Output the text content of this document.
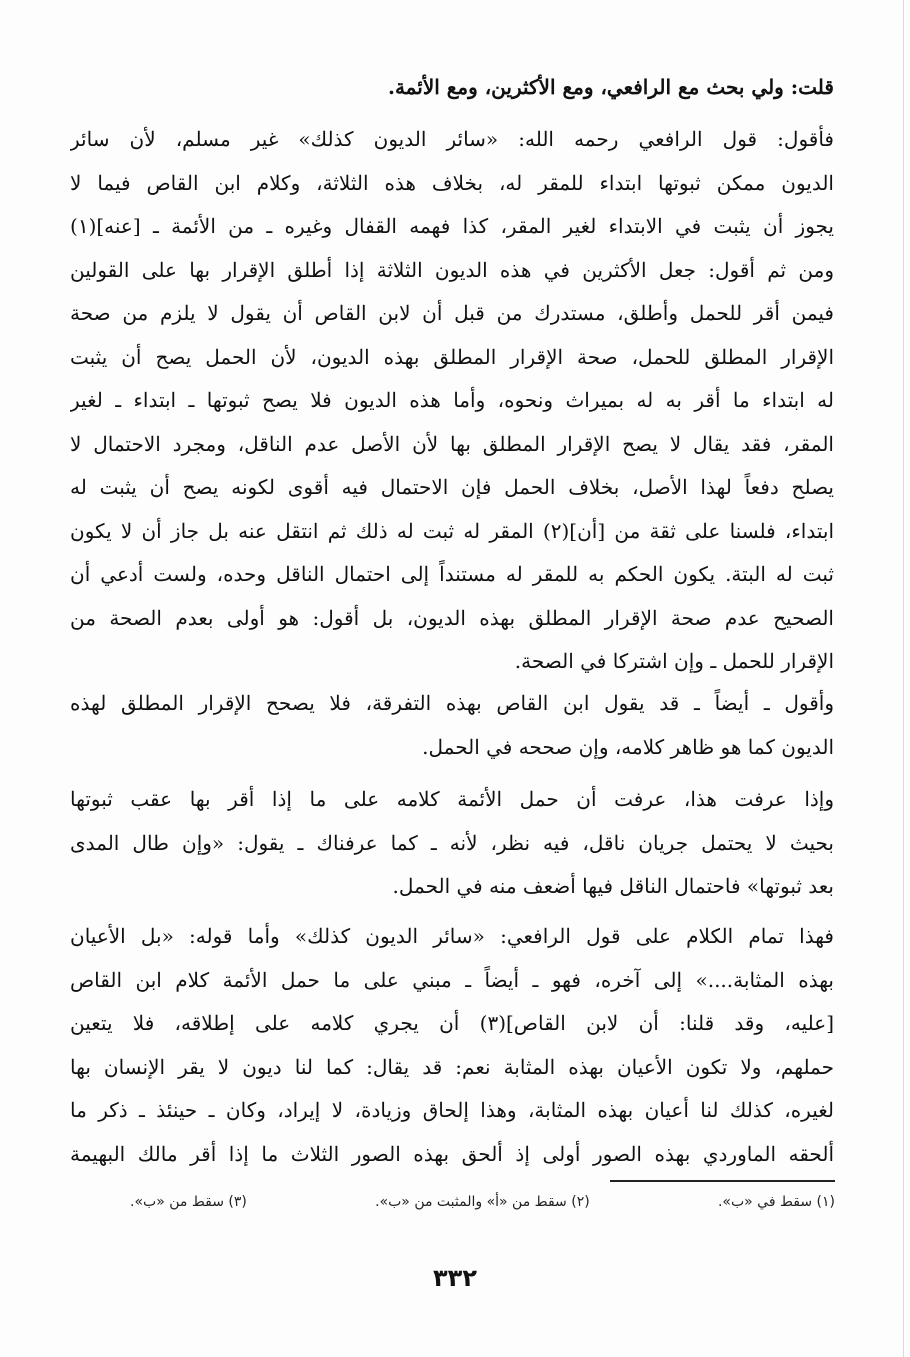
قلت: ولي بحث مع الرافعي، ومع الأكثرين، ومع الأئمة.
فأقول: قول الرافعي رحمه الله: «سائر الديون كذلك» غير مسلم، لأن سائر
الديون ممكن ثبوتها ابتداء للمقر له، بخلاف هذه الثلاثة، وكلام ابن القاص فيما لا
يجوز أن يثبت في الابتداء لغير المقر، كذا فهمه القفال وغيره ـ من الأئمة ـ [عنه](١)
ومن ثم أقول: جعل الأكثرين في هذه الديون الثلاثة إذا أطلق الإقرار بها على القولين
فيمن أقر للحمل وأطلق، مستدرك من قبل أن لابن القاص أن يقول لا يلزم من صحة
الإقرار المطلق للحمل، صحة الإقرار المطلق بهذه الديون، لأن الحمل يصح أن يثبت
له ابتداء ما أقر به له بميراث ونحوه، وأما هذه الديون فلا يصح ثبوتها ـ ابتداء ـ لغير
المقر، فقد يقال لا يصح الإقرار المطلق بها لأن الأصل عدم الناقل، ومجرد الاحتمال لا
يصلح دفعاً لهذا الأصل، بخلاف الحمل فإن الاحتمال فيه أقوى لكونه يصح أن يثبت له
ابتداء، فلسنا على ثقة من [أن](٢) المقر له ثبت له ذلك ثم انتقل عنه بل جاز أن لا يكون
ثبت له البتة. يكون الحكم به للمقر له مستنداً إلى احتمال الناقل وحده، ولست أدعي أن
الصحيح عدم صحة الإقرار المطلق بهذه الديون، بل أقول: هو أولى بعدم الصحة من
الإقرار للحمل ـ وإن اشتركا في الصحة.
وأقول ـ أيضاً ـ قد يقول ابن القاص بهذه التفرقة، فلا يصحح الإقرار المطلق لهذه
الديون كما هو ظاهر كلامه، وإن صححه في الحمل.
وإذا عرفت هذا، عرفت أن حمل الأئمة كلامه على ما إذا أقر بها عقب ثبوتها
بحيث لا يحتمل جريان ناقل، فيه نظر، لأنه ـ كما عرفناك ـ يقول: «وإن طال المدى
بعد ثبوتها» فاحتمال الناقل فيها أضعف منه في الحمل.
فهذا تمام الكلام على قول الرافعي: «سائر الديون كذلك» وأما قوله: «بل الأعيان
بهذه المثابة....» إلى آخره، فهو ـ أيضاً ـ مبني على ما حمل الأئمة كلام ابن القاص
[عليه، وقد قلنا: أن لابن القاص](٣) أن يجري كلامه على إطلاقه، فلا يتعين
حملهم، ولا تكون الأعيان بهذه المثابة نعم: قد يقال: كما لنا ديون لا يقر الإنسان بها
لغيره، كذلك لنا أعيان بهذه المثابة، وهذا إلحاق وزيادة، لا إيراد، وكان ـ حينئذ ـ ذكر ما
ألحقه الماوردي بهذه الصور أولى إذ ألحق بهذه الصور الثلاث ما إذا أقر مالك البهيمة
(١) سقط في «ب».
(٢) سقط من «أ» والمثبت من «ب».
(٣) سقط من «ب».
٣٣٢
